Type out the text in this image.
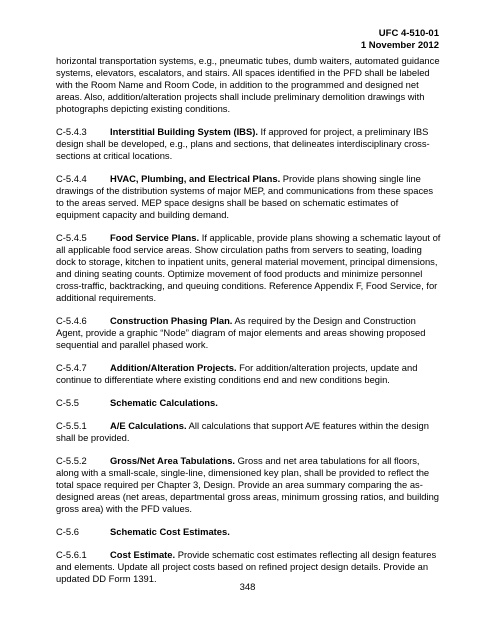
UFC 4-510-01
1 November 2012

horizontal transportation systems, e.g., pneumatic tubes, dumb waiters, automated guidance systems, elevators, escalators, and stairs. All spaces identified in the PFD shall be labeled with the Room Name and Room Code, in addition to the programmed and designed net areas. Also, addition/alteration projects shall include preliminary demolition drawings with photographs depicting existing conditions.

C-5.4.3 Interstitial Building System (IBS). If approved for project, a preliminary IBS design shall be developed, e.g., plans and sections, that delineates interdisciplinary cross-sections at critical locations.

C-5.4.4 HVAC, Plumbing, and Electrical Plans. Provide plans showing single line drawings of the distribution systems of major MEP, and communications from these spaces to the areas served. MEP space designs shall be based on schematic estimates of equipment capacity and building demand.

C-5.4.5 Food Service Plans. If applicable, provide plans showing a schematic layout of all applicable food service areas. Show circulation paths from servers to seating, loading dock to storage, kitchen to inpatient units, general material movement, principal dimensions, and dining seating counts. Optimize movement of food products and minimize personnel cross-traffic, backtracking, and queuing conditions. Reference Appendix F, Food Service, for additional requirements.

C-5.4.6 Construction Phasing Plan. As required by the Design and Construction Agent, provide a graphic “Node” diagram of major elements and areas showing proposed sequential and parallel phased work.

C-5.4.7 Addition/Alteration Projects. For addition/alteration projects, update and continue to differentiate where existing conditions end and new conditions begin.

C-5.5	Schematic Calculations.

C-5.5.1 A/E Calculations. All calculations that support A/E features within the design shall be provided.

C-5.5.2 Gross/Net Area Tabulations. Gross and net area tabulations for all floors, along with a small-scale, single-line, dimensioned key plan, shall be provided to reflect the total space required per Chapter 3, Design. Provide an area summary comparing the as-designed areas (net areas, departmental gross areas, minimum grossing ratios, and building gross area) with the PFD values.

C-5.6	Schematic Cost Estimates.

C-5.6.1 Cost Estimate. Provide schematic cost estimates reflecting all design features and elements. Update all project costs based on refined project design details. Provide an updated DD Form 1391.

348
